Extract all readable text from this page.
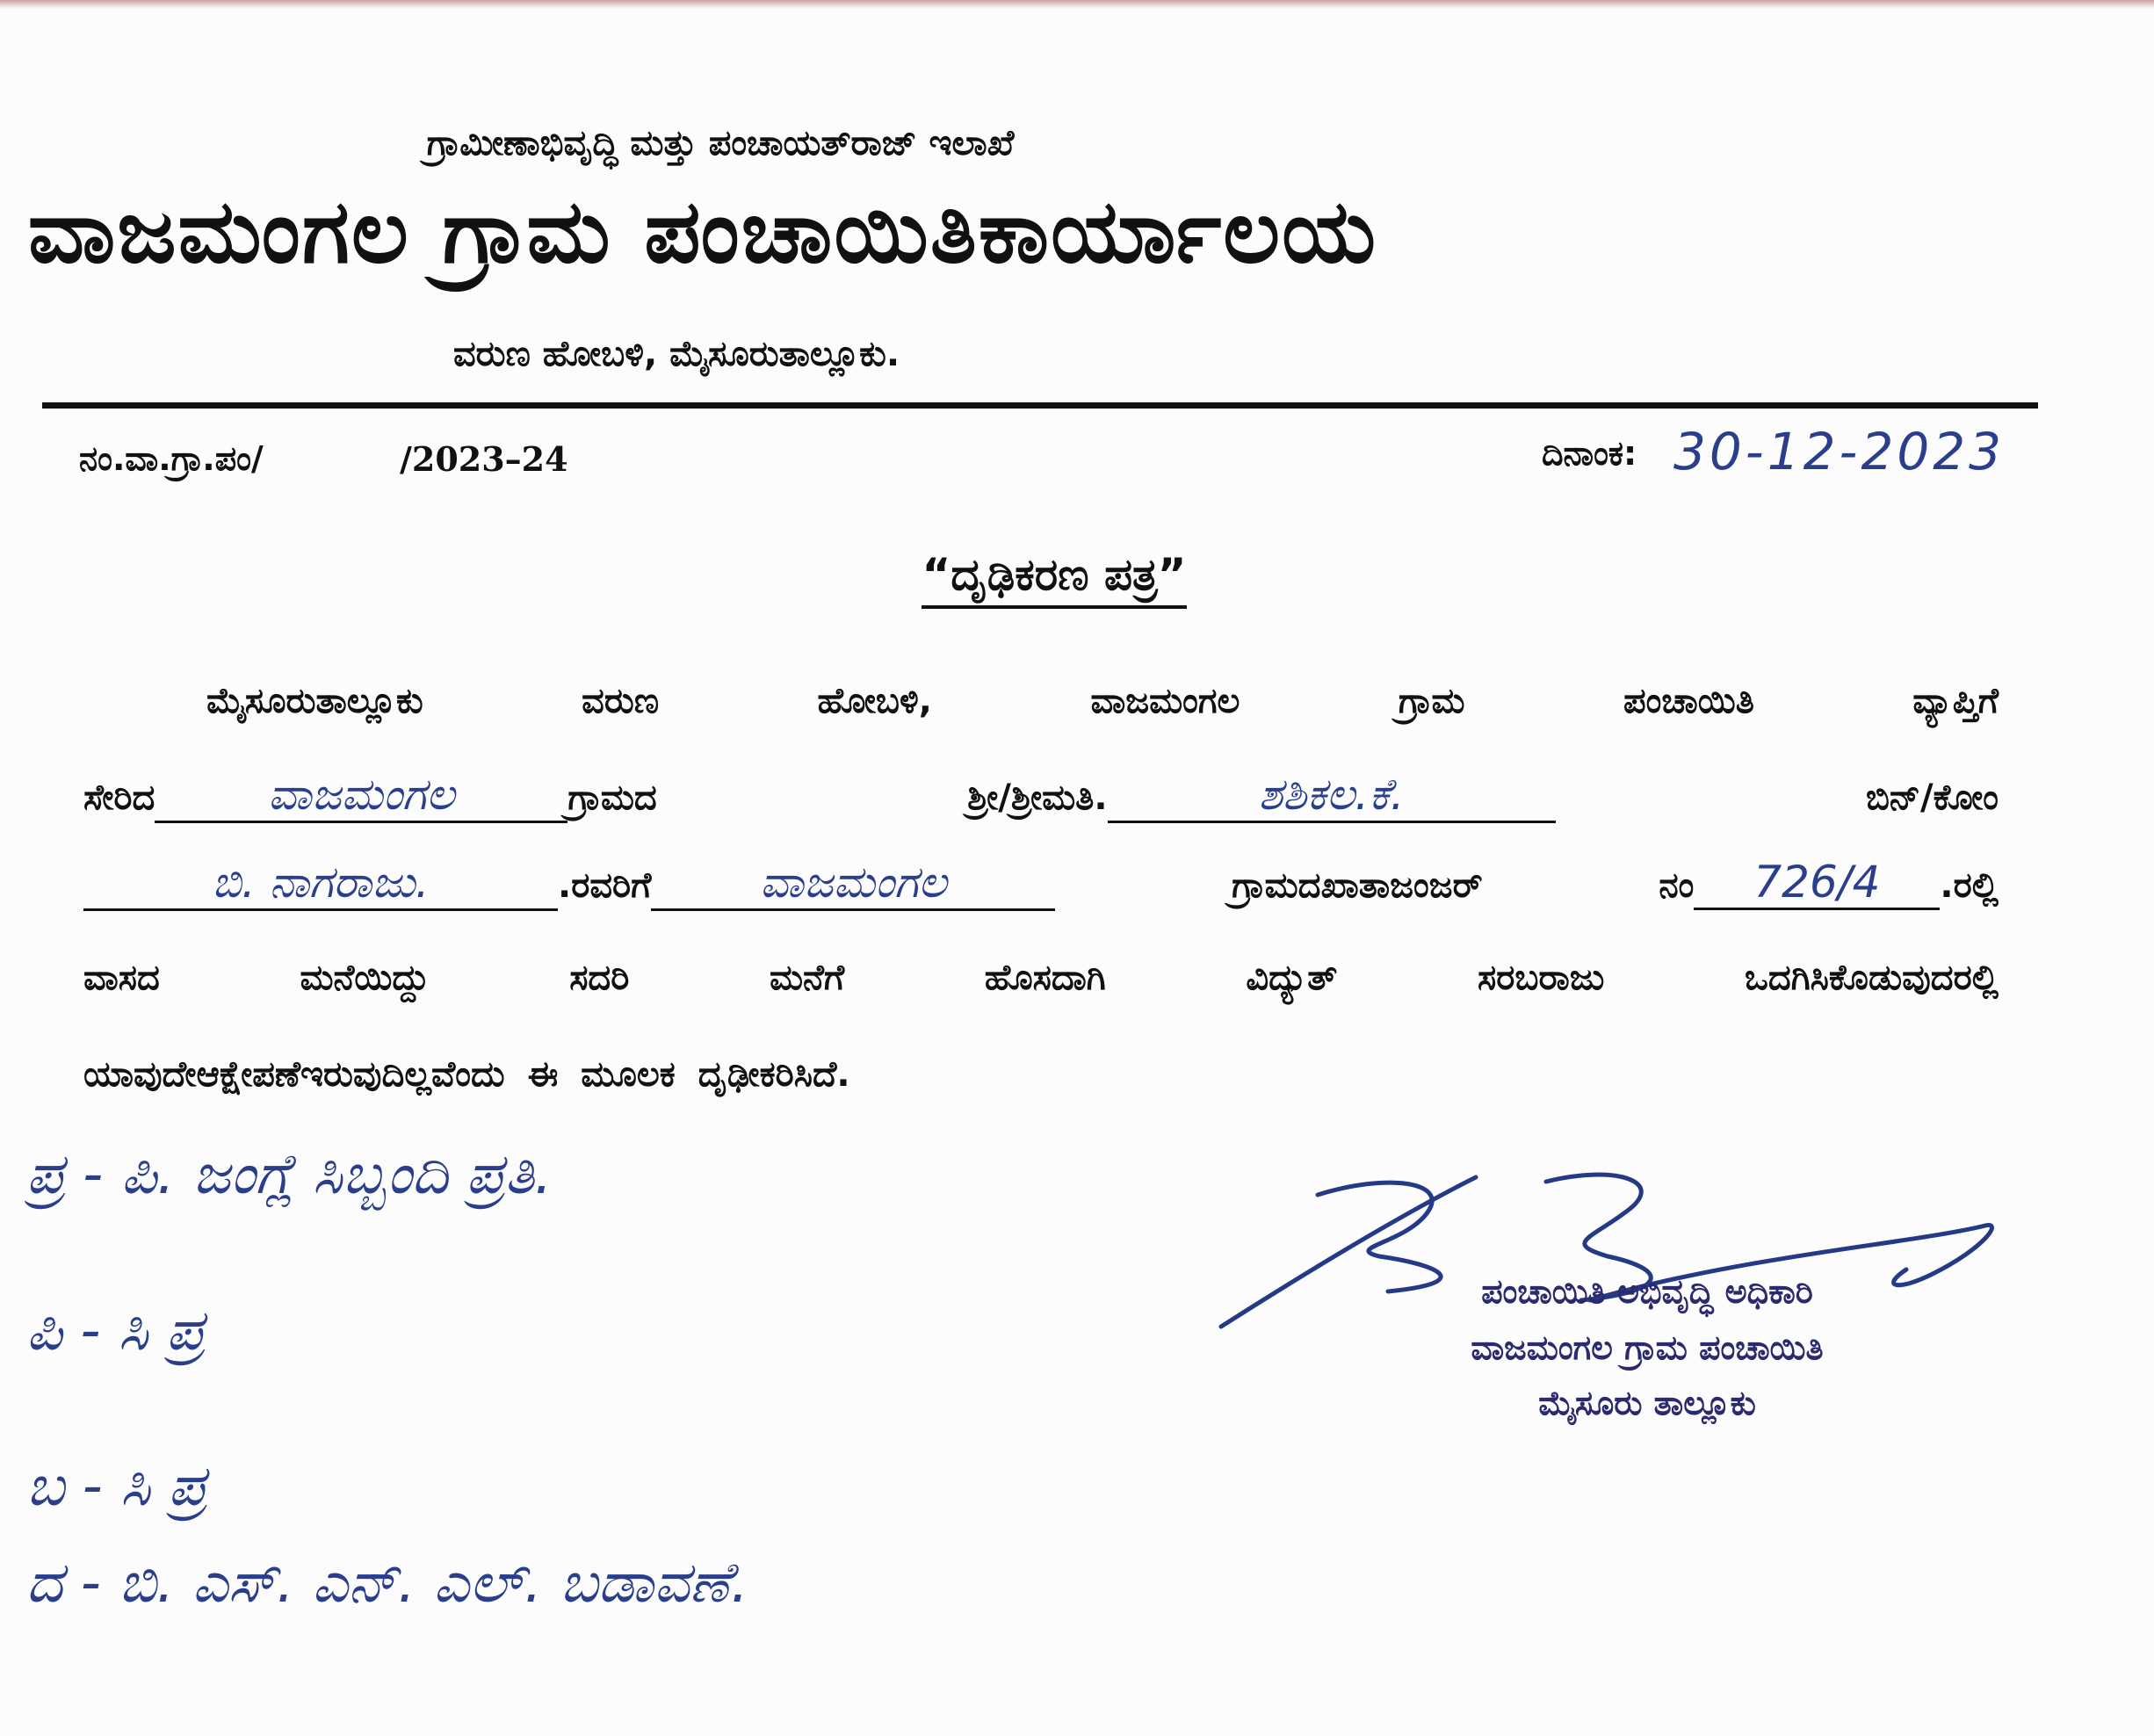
ಗ್ರಾಮೀಣಾಭಿವೃದ್ಧಿ ಮತ್ತು ಪಂಚಾಯತ್‌ರಾಜ್ ಇಲಾಖೆ
ವಾಜಮಂಗಲ ಗ್ರಾಮ ಪಂಚಾಯಿತಿಕಾರ್ಯಾಲಯ
ವರುಣ ಹೋಬಳಿ, ಮೈಸೂರುತಾಲ್ಲೂಕು.
ನಂ.ವಾ.ಗ್ರಾ.ಪಂ/	/2023–24	ದಿನಾಂಕ: 30-12-2023
“ದೃಢಿಕರಣ ಪತ್ರ”
ಮೈಸೂರುತಾಲ್ಲೂಕು	ವರುಣ	ಹೋಬಳಿ,	ವಾಜಮಂಗಲ	ಗ್ರಾಮ	ಪಂಚಾಯಿತಿ	ವ್ಯಾಪ್ತಿಗೆ
ಸೇರಿದ	ವಾಜಮಂಗಲ	ಗ್ರಾಮದ	ಶ್ರೀ/ಶ್ರೀಮತಿ.	ಶಶಿಕಲ.ಕೆ.	ಬಿನ್/ಕೋಂ
ಬಿ. ನಾಗರಾಜು.	.ರವರಿಗೆ	ವಾಜಮಂಗಲ	ಗ್ರಾಮದಖಾತಾಜಂಜರ್	ನಂ	726/4	.ರಲ್ಲಿ
ವಾಸದ	ಮನೆಯಿದ್ದು	ಸದರಿ	ಮನೆಗೆ	ಹೊಸದಾಗಿ	ವಿದ್ಯುತ್	ಸರಬರಾಜು	ಒದಗಿಸಿಕೊಡುವುದರಲ್ಲಿ
ಯಾವುದೇಆಕ್ಷೇಪಣೆಇರುವುದಿಲ್ಲವೆಂದು ಈ ಮೂಲಕ ದೃಢೀಕರಿಸಿದೆ.
ಪ್ರ - ಪಿ. ಜಂಗ್ಲೆ ಸಿಬ್ಬಂದಿ ಪ್ರತಿ.
ಪಿ - ಸಿ ಪ್ರ
ಬ - ಸಿ ಪ್ರ
ದ - ಬಿ. ಎಸ್. ಎನ್. ಎಲ್. ಬಡಾವಣೆ.
ಪಂಚಾಯಿತಿ ಅಭಿವೃದ್ಧಿ ಅಧಿಕಾರಿ
ವಾಜಮಂಗಲ ಗ್ರಾಮ ಪಂಚಾಯಿತಿ
ಮೈಸೂರು ತಾಲ್ಲೂಕು
